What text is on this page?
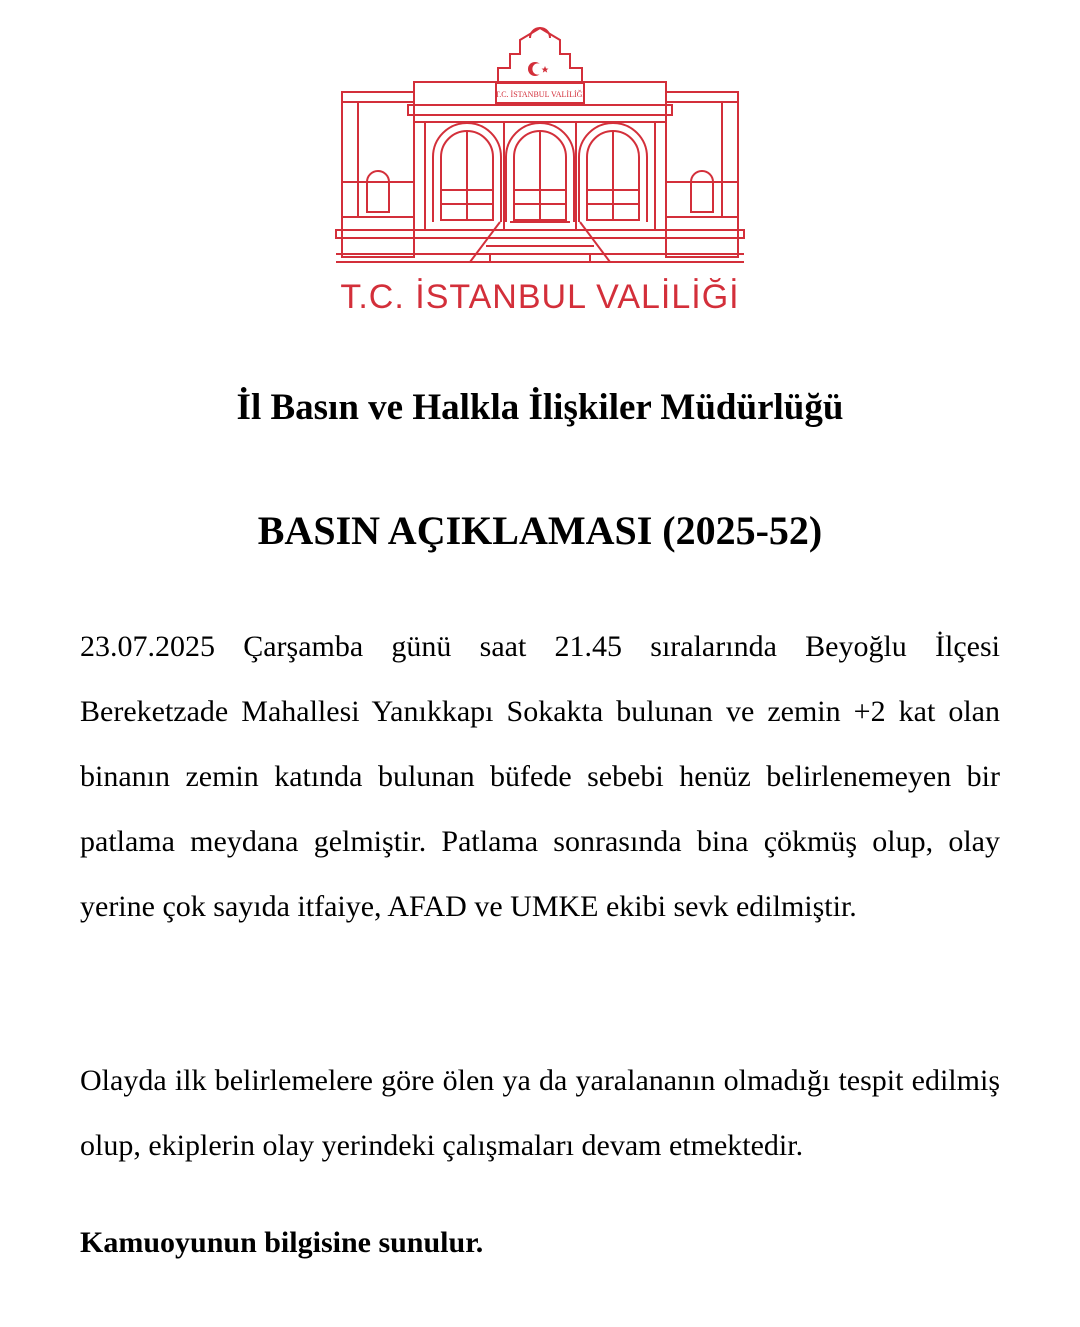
T.C. İSTANBUL VALİLİĞİ
T.C. İSTANBUL VALİLİĞİ
İl Basın ve Halkla İlişkiler Müdürlüğü
BASIN AÇIKLAMASI (2025-52)

23.07.2025 Çarşamba günü saat 21.45 sıralarında Beyoğlu İlçesi Bereketzade Mahallesi Yanıkkapı Sokakta bulunan ve zemin +2 kat olan binanın zemin katında bulunan büfede sebebi henüz belirlenemeyen bir patlama meydana gelmiştir. Patlama sonrasında bina çökmüş olup, olay yerine çok sayıda itfaiye, AFAD ve UMKE ekibi sevk edilmiştir.

Olayda ilk belirlemelere göre ölen ya da yaralananın olmadığı tespit edilmiş olup, ekiplerin olay yerindeki çalışmaları devam etmektedir.

Kamuoyunun bilgisine sunulur.
